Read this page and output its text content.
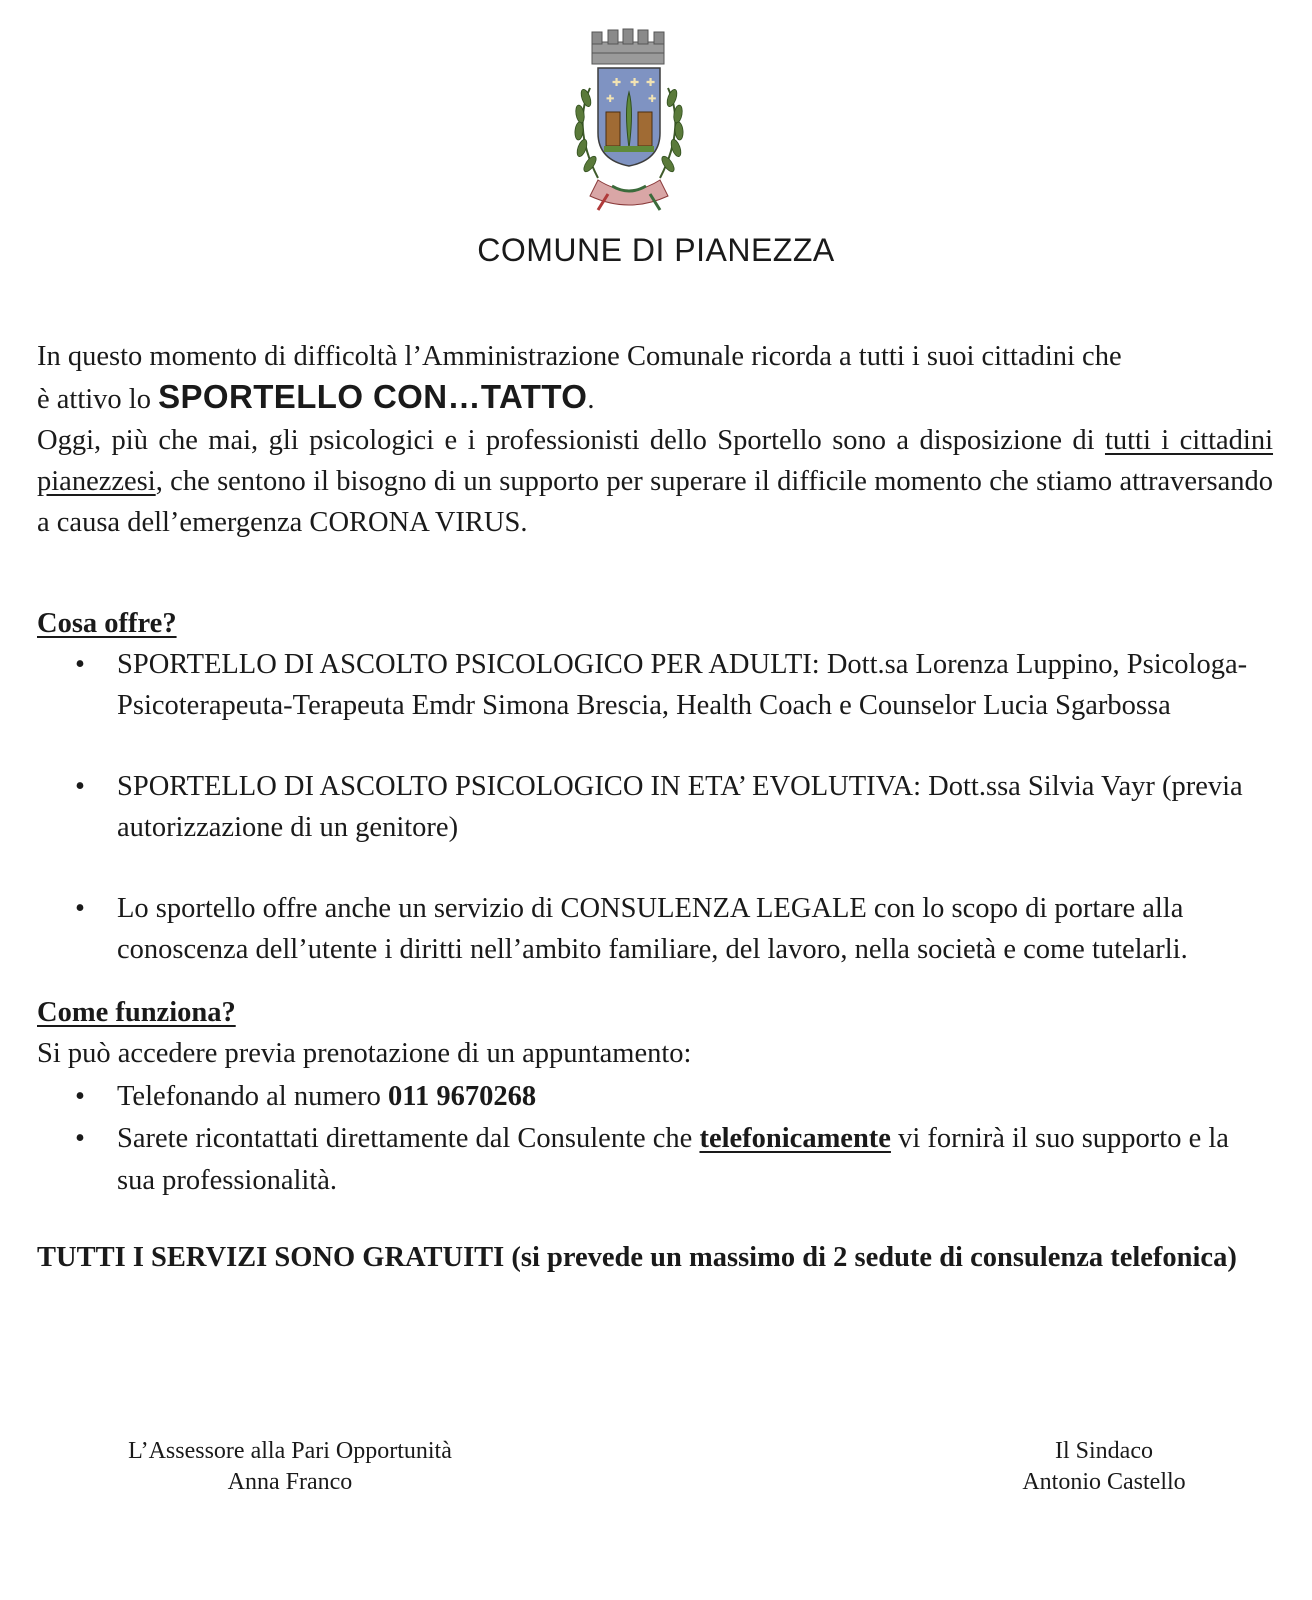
✚ ✚ ✚
✚	✚
COMUNE DI PIANEZZA
In questo momento di difficoltà l’Amministrazione Comunale ricorda a tutti i suoi cittadini che
è attivo lo SPORTELLO CON…TATTO.
Oggi, più che mai, gli psicologici e i professionisti dello Sportello sono a disposizione di tutti i cittadini pianezzesi, che sentono il bisogno di un supporto per superare il difficile momento che stiamo attraversando a causa dell’emergenza CORONA VIRUS.
Cosa offre?
• SPORTELLO DI ASCOLTO PSICOLOGICO PER ADULTI: Dott.sa Lorenza Luppino, Psicologa-Psicoterapeuta-Terapeuta Emdr Simona Brescia, Health Coach e Counselor Lucia Sgarbossa
• SPORTELLO DI ASCOLTO PSICOLOGICO IN ETA’ EVOLUTIVA: Dott.ssa Silvia Vayr (previa autorizzazione di un genitore)
• Lo sportello offre anche un servizio di CONSULENZA LEGALE con lo scopo di portare alla conoscenza dell’utente i diritti nell’ambito familiare, del lavoro, nella società e come tutelarli.
Come funziona?
Si può accedere previa prenotazione di un appuntamento:
• Telefonando al numero 011 9670268
• Sarete ricontattati direttamente dal Consulente che telefonicamente vi fornirà il suo supporto e la sua professionalità.
TUTTI I SERVIZI SONO GRATUITI (si prevede un massimo di 2 sedute di consulenza telefonica)
L’Assessore alla Pari Opportunità
Anna Franco
Il Sindaco
Antonio Castello
